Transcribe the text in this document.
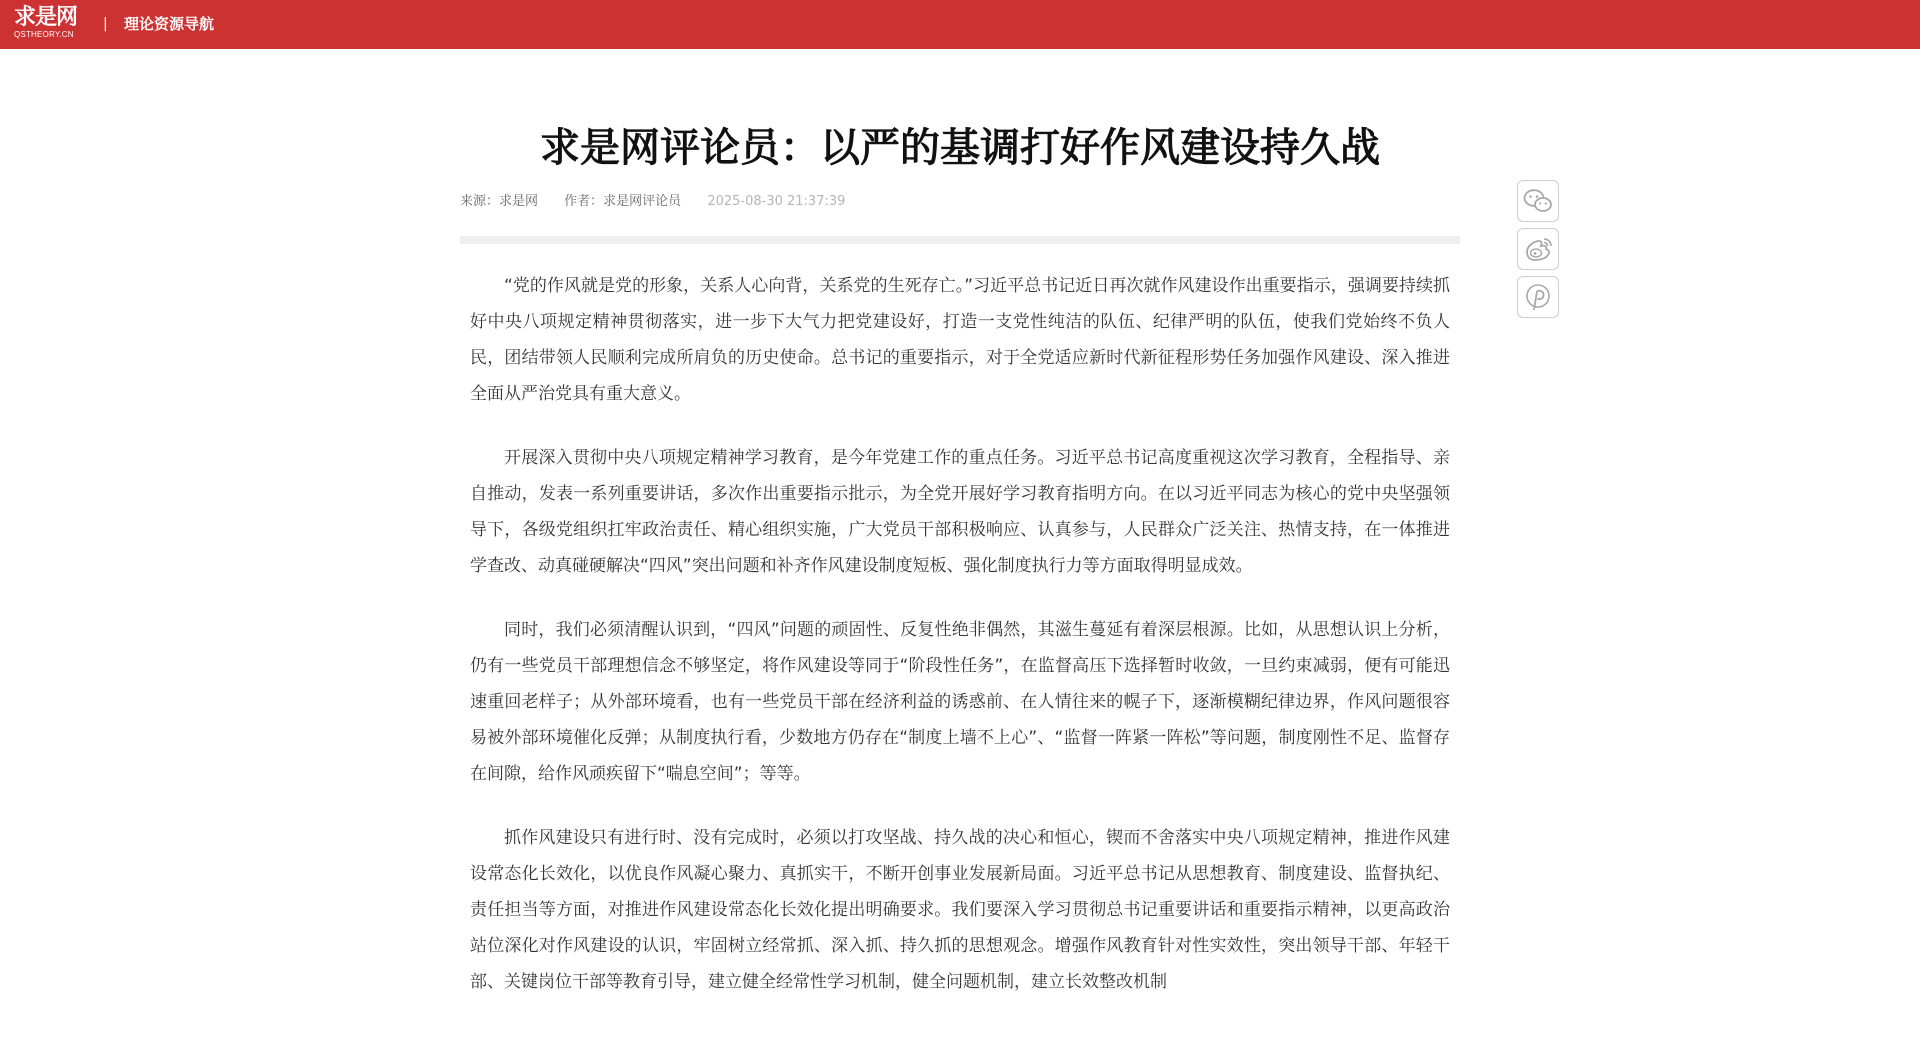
求是网
QSTHEORY.CN
| 理论资源导航
求是网评论员：以严的基调打好作风建设持久战
来源：求是网 作者：求是网评论员 2025-08-30 21:37:39

“党的作风就是党的形象，关系人心向背，关系党的生死存亡。”习近平总书记近日再次就作风建设作出重要指示，强调要持续抓好中央八项规定精神贯彻落实，进一步下大气力把党建设好，打造一支党性纯洁的队伍、纪律严明的队伍，使我们党始终不负人民，团结带领人民顺利完成所肩负的历史使命。总书记的重要指示，对于全党适应新时代新征程形势任务加强作风建设、深入推进全面从严治党具有重大意义。

开展深入贯彻中央八项规定精神学习教育，是今年党建工作的重点任务。习近平总书记高度重视这次学习教育，全程指导、亲自推动，发表一系列重要讲话，多次作出重要指示批示，为全党开展好学习教育指明方向。在以习近平同志为核心的党中央坚强领导下，各级党组织扛牢政治责任、精心组织实施，广大党员干部积极响应、认真参与，人民群众广泛关注、热情支持，在一体推进学查改、动真碰硬解决“四风”突出问题和补齐作风建设制度短板、强化制度执行力等方面取得明显成效。

同时，我们必须清醒认识到，“四风”问题的顽固性、反复性绝非偶然，其滋生蔓延有着深层根源。比如，从思想认识上分析，仍有一些党员干部理想信念不够坚定，将作风建设等同于“阶段性任务”，在监督高压下选择暂时收敛，一旦约束减弱，便有可能迅速重回老样子；从外部环境看，也有一些党员干部在经济利益的诱惑前、在人情往来的幌子下，逐渐模糊纪律边界，作风问题很容易被外部环境催化反弹；从制度执行看，少数地方仍存在“制度上墙不上心”、“监督一阵紧一阵松”等问题，制度刚性不足、监督存在间隙，给作风顽疾留下“喘息空间”；等等。

抓作风建设只有进行时、没有完成时，必须以打攻坚战、持久战的决心和恒心，锲而不舍落实中央八项规定精神，推进作风建设常态化长效化，以优良作风凝心聚力、真抓实干，不断开创事业发展新局面。习近平总书记从思想教育、制度建设、监督执纪、责任担当等方面，对推进作风建设常态化长效化提出明确要求。我们要深入学习贯彻总书记重要讲话和重要指示精神，以更高政治站位深化对作风建设的认识，牢固树立经常抓、深入抓、持久抓的思想观念。增强作风教育针对性实效性，突出领导干部、年轻干部、关键岗位干部等教育引导，建立健全经常性学习机制，健全问题机制，建立长效整改机制
